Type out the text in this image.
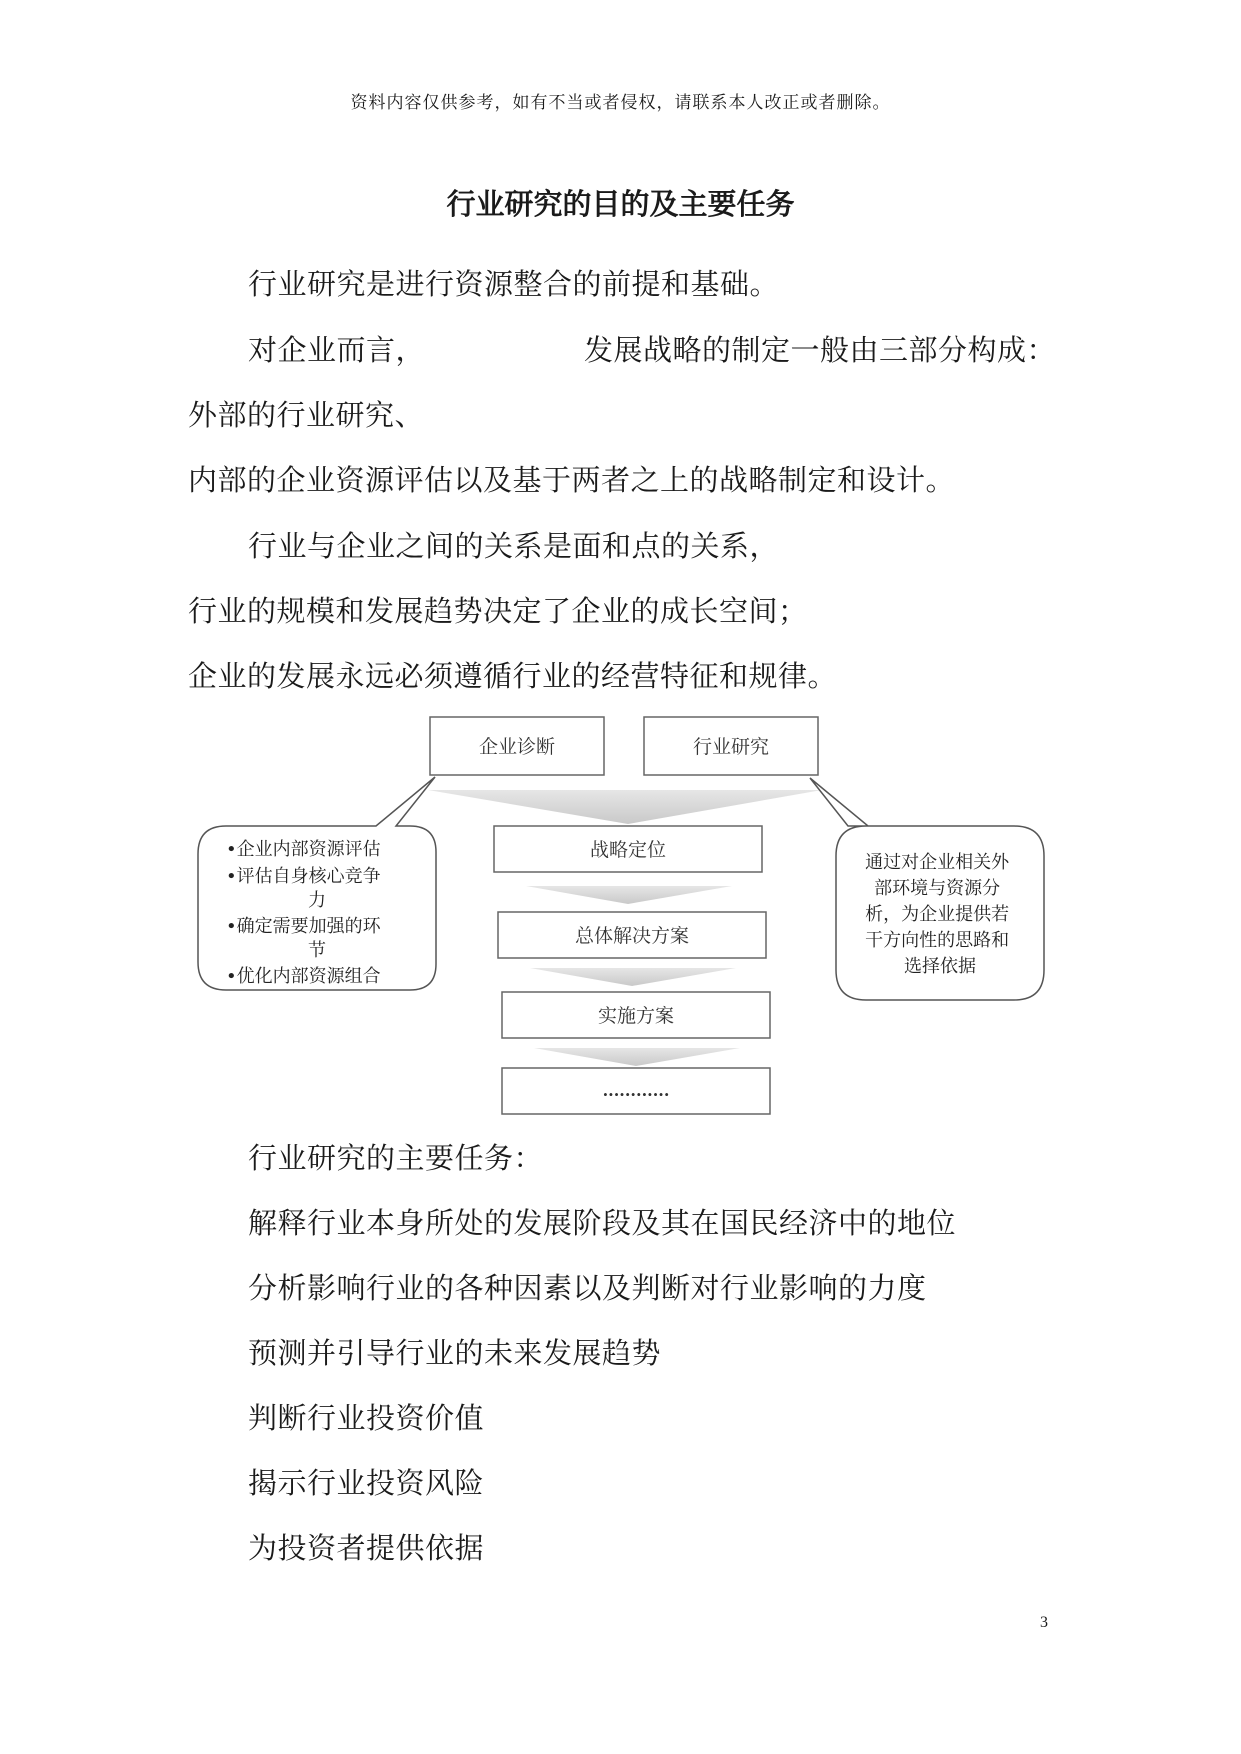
资料内容仅供参考，如有不当或者侵权，请联系本人改正或者删除。
行业研究的目的及主要任务
行业研究是进行资源整合的前提和基础。
对企业而言，	发展战略的制定一般由三部分构成：
外部的行业研究、
内部的企业资源评估以及基于两者之上的战略制定和设计。
行业与企业之间的关系是面和点的关系，
行业的规模和发展趋势决定了企业的成长空间；
企业的发展永远必须遵循行业的经营特征和规律。
企业诊断	行业研究
战略定位
总体解决方案
实施方案
............
•企业内部资源评估 •评估自身核心竞争 力 •确定需要加强的环 节 •优化内部资源组合
通过对企业相关外 部环境与资源分 析，为企业提供若 干方向性的思路和 选择依据
行业研究的主要任务：
解释行业本身所处的发展阶段及其在国民经济中的地位
分析影响行业的各种因素以及判断对行业影响的力度
预测并引导行业的未来发展趋势
判断行业投资价值
揭示行业投资风险
为投资者提供依据
3
